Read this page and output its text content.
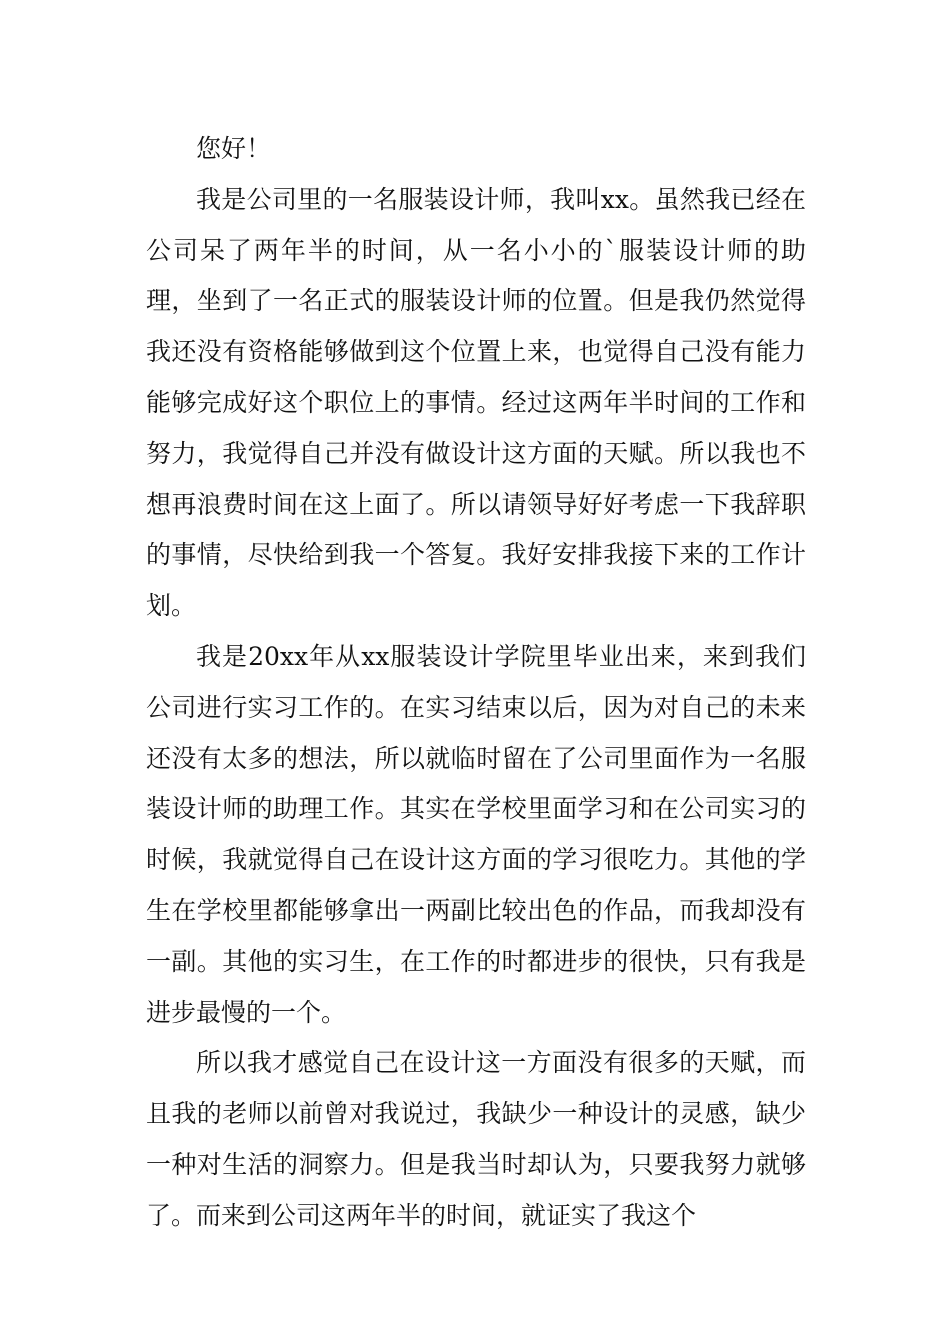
您好！

我是公司里的一名服装设计师，我叫xx。虽然我已经在公司呆了两年半的时间，从一名小小的`服装设计师的助理，坐到了一名正式的服装设计师的位置。但是我仍然觉得我还没有资格能够做到这个位置上来，也觉得自己没有能力能够完成好这个职位上的事情。经过这两年半时间的工作和努力，我觉得自己并没有做设计这方面的天赋。所以我也不想再浪费时间在这上面了。所以请领导好好考虑一下我辞职的事情，尽快给到我一个答复。我好安排我接下来的工作计划。

我是20xx年从xx服装设计学院里毕业出来，来到我们公司进行实习工作的。在实习结束以后，因为对自己的未来还没有太多的想法，所以就临时留在了公司里面作为一名服装设计师的助理工作。其实在学校里面学习和在公司实习的时候，我就觉得自己在设计这方面的学习很吃力。其他的学生在学校里都能够拿出一两副比较出色的作品，而我却没有一副。其他的实习生，在工作的时都进步的很快，只有我是进步最慢的一个。

所以我才感觉自己在设计这一方面没有很多的天赋，而且我的老师以前曾对我说过，我缺少一种设计的灵感，缺少一种对生活的洞察力。但是我当时却认为，只要我努力就够了。而来到公司这两年半的时间，就证实了我这个
